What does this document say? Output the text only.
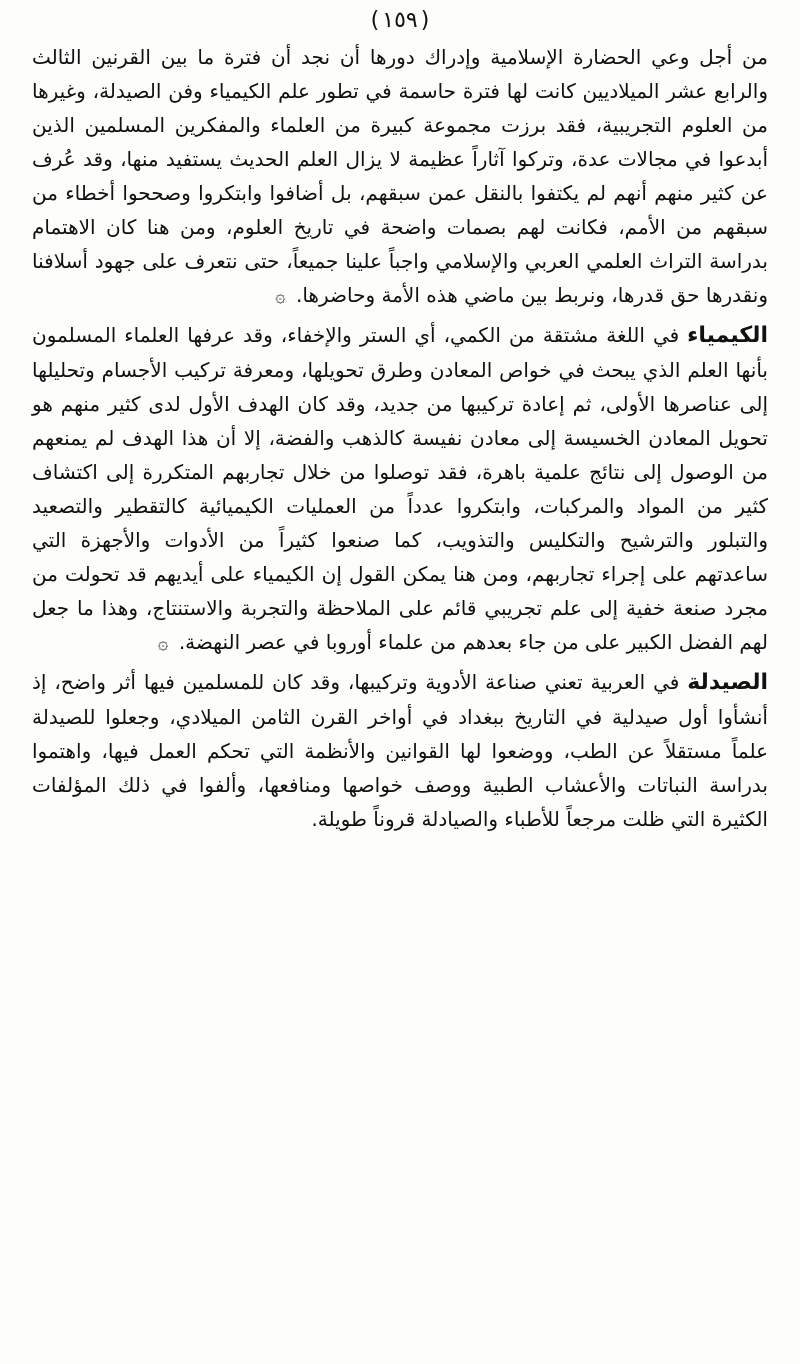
( ١٥٩ )

من أجل وعي الحضارة الإسلامية وإدراك دورها أن نجد أن فترة ما بين القرنين الثالث والرابع عشر الميلاديين كانت لها فترة حاسمة في تطور علم الكيمياء وفن الصيدلة، وغيرها من العلوم التجريبية، فقد برزت مجموعة كبيرة من العلماء والمفكرين المسلمين الذين أبدعوا في مجالات عدة، وتركوا آثاراً عظيمة لا يزال العلم الحديث يستفيد منها، وقد عُرف عن كثير منهم أنهم لم يكتفوا بالنقل عمن سبقهم، بل أضافوا وابتكروا وصححوا أخطاء من سبقهم من الأمم، فكانت لهم بصمات واضحة في تاريخ العلوم، ومن هنا كان الاهتمام بدراسة التراث العلمي العربي والإسلامي واجباً علينا جميعاً، حتى نتعرف على جهود أسلافنا ونقدرها حق قدرها، ونربط بين ماضي هذه الأمة وحاضرها. ۞

الكيمياء في اللغة مشتقة من الكمي، أي الستر والإخفاء، وقد عرفها العلماء المسلمون بأنها العلم الذي يبحث في خواص المعادن وطرق تحويلها، ومعرفة تركيب الأجسام وتحليلها إلى عناصرها الأولى، ثم إعادة تركيبها من جديد، وقد كان الهدف الأول لدى كثير منهم هو تحويل المعادن الخسيسة إلى معادن نفيسة كالذهب والفضة، إلا أن هذا الهدف لم يمنعهم من الوصول إلى نتائج علمية باهرة، فقد توصلوا من خلال تجاربهم المتكررة إلى اكتشاف كثير من المواد والمركبات، وابتكروا عدداً من العمليات الكيميائية كالتقطير والتصعيد والتبلور والترشيح والتكليس والتذويب، كما صنعوا كثيراً من الأدوات والأجهزة التي ساعدتهم على إجراء تجاربهم، ومن هنا يمكن القول إن الكيمياء على أيديهم قد تحولت من مجرد صنعة خفية إلى علم تجريبي قائم على الملاحظة والتجربة والاستنتاج، وهذا ما جعل لهم الفضل الكبير على من جاء بعدهم من علماء أوروبا في عصر النهضة. ۞

الصيدلة في العربية تعني صناعة الأدوية وتركيبها، وقد كان للمسلمين فيها أثر واضح، إذ أنشأوا أول صيدلية في التاريخ ببغداد في أواخر القرن الثامن الميلادي، وجعلوا للصيدلة علماً مستقلاً عن الطب، ووضعوا لها القوانين والأنظمة التي تحكم العمل فيها، واهتموا بدراسة النباتات والأعشاب الطبية ووصف خواصها ومنافعها، وألفوا في ذلك المؤلفات الكثيرة التي ظلت مرجعاً للأطباء والصيادلة قروناً طويلة.
